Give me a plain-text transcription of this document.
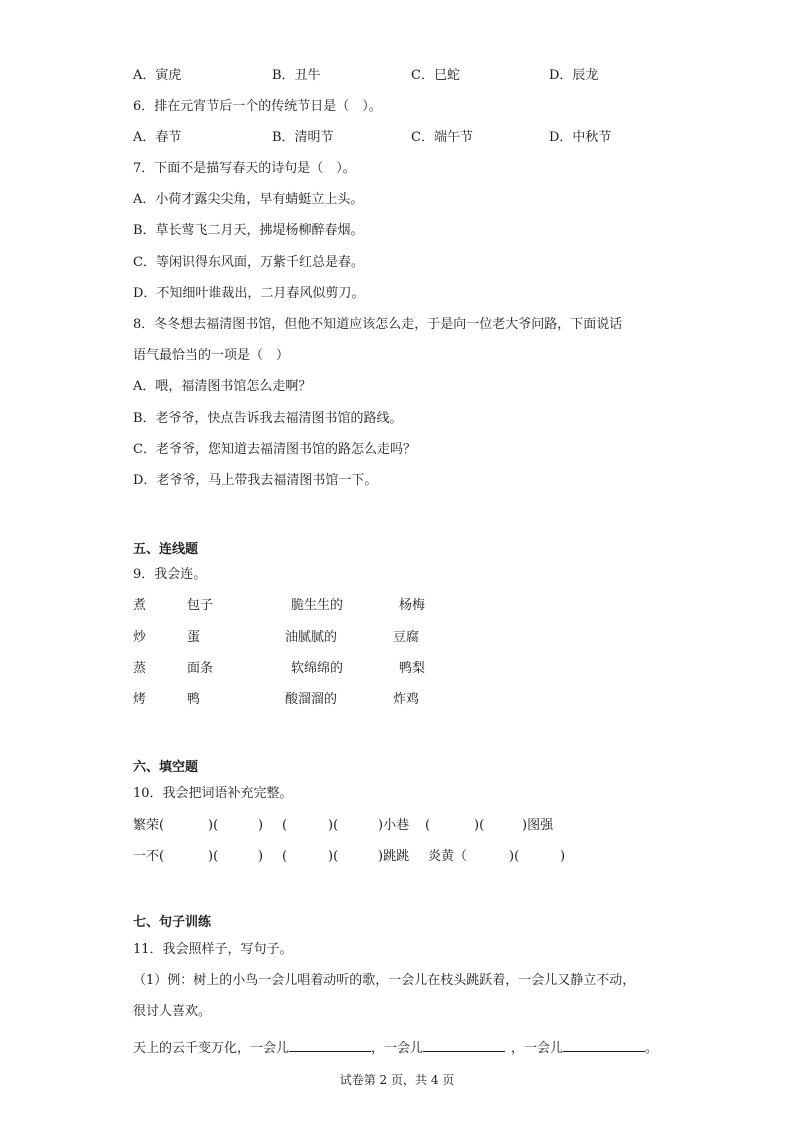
A．寅虎	B．丑牛	C．巳蛇	D．辰龙
6．排在元宵节后一个的传统节日是（　）。
A．春节	B．清明节	C．端午节	D．中秋节
7．下面不是描写春天的诗句是（　）。
A．小荷才露尖尖角，早有蜻蜓立上头。
B．草长莺飞二月天，拂堤杨柳醉春烟。
C．等闲识得东风面，万紫千红总是春。
D．不知细叶谁裁出，二月春风似剪刀。
8．冬冬想去福清图书馆，但他不知道应该怎么走，于是向一位老大爷问路，下面说话
语气最恰当的一项是（　）
A．喂，福清图书馆怎么走啊？
B．老爷爷，快点告诉我去福清图书馆的路线。
C．老爷爷，您知道去福清图书馆的路怎么走吗？
D．老爷爷，马上带我去福清图书馆一下。
五、连线题
9．我会连。
煮	包子	脆生生的	杨梅
炒	蛋	油腻腻的	豆腐
蒸	面条	软绵绵的	鸭梨
烤	鸭	酸溜溜的	炸鸡
六、填空题
10．我会把词语补充完整。
繁荣(	)(	) (	)(	)小巷 (	)(	)图强
一不(	)(	) (	)(	)跳跳 炎黄（	)(	)
七、句子训练
11．我会照样子，写句子。
（1）例：树上的小鸟一会儿唱着动听的歌，一会儿在枝头跳跃着，一会儿又静立不动，
很讨人喜欢。
天上的云千变万化，一会儿	，一会儿	，一会儿	。
试卷第 2 页，共 4 页
